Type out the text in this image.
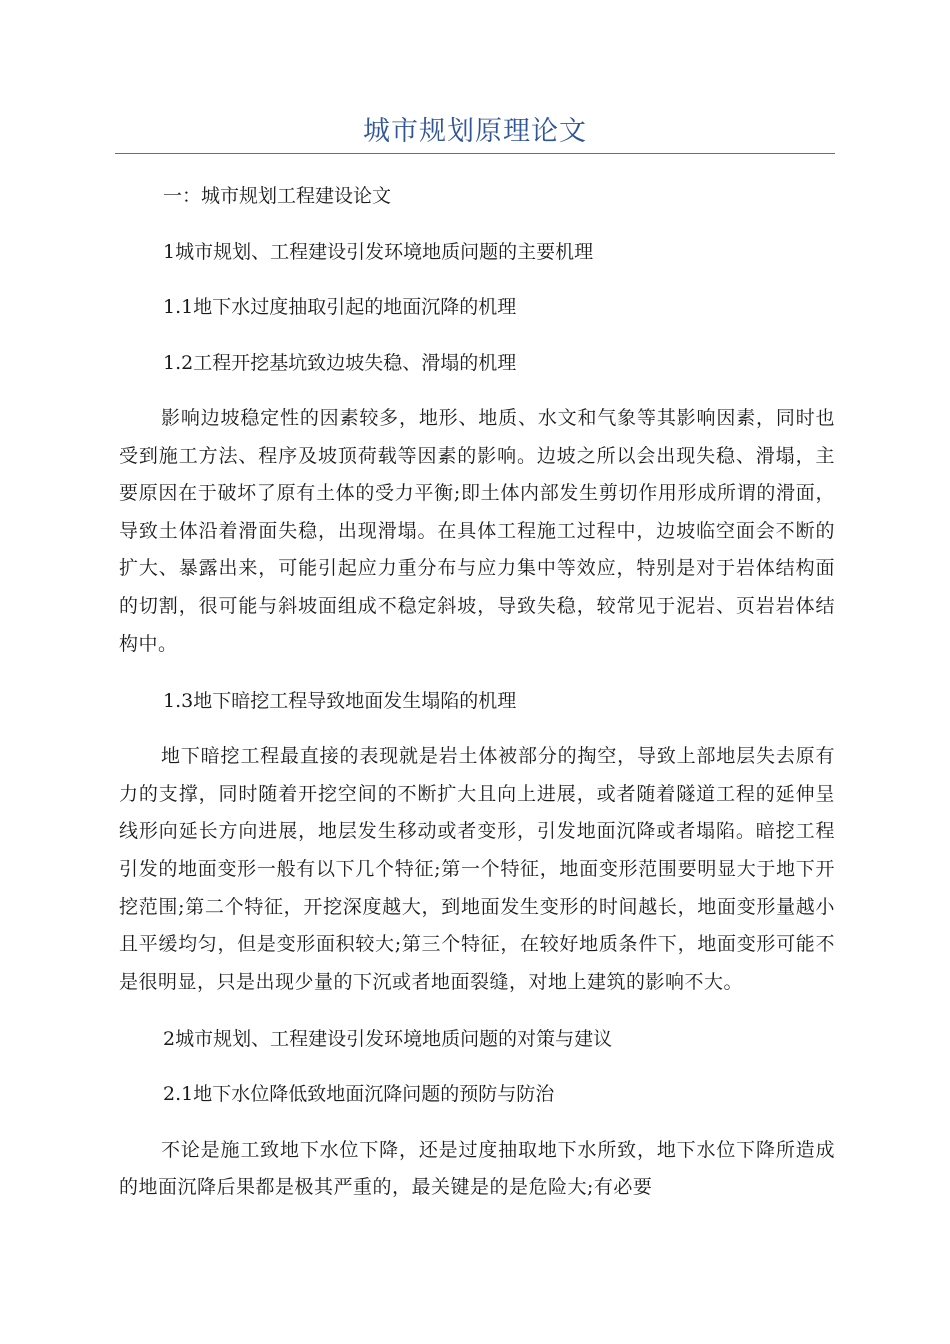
城市规划原理论文

一：城市规划工程建设论文

1城市规划、工程建设引发环境地质问题的主要机理

1.1地下水过度抽取引起的地面沉降的机理

1.2工程开挖基坑致边坡失稳、滑塌的机理

影响边坡稳定性的因素较多，地形、地质、水文和气象等其影响因素，同时也受到施工方法、程序及坡顶荷载等因素的影响。边坡之所以会出现失稳、滑塌，主要原因在于破坏了原有土体的受力平衡;即土体内部发生剪切作用形成所谓的滑面，导致土体沿着滑面失稳，出现滑塌。在具体工程施工过程中，边坡临空面会不断的扩大、暴露出来，可能引起应力重分布与应力集中等效应，特别是对于岩体结构面的切割，很可能与斜坡面组成不稳定斜坡，导致失稳，较常见于泥岩、页岩岩体结构中。

1.3地下暗挖工程导致地面发生塌陷的机理

地下暗挖工程最直接的表现就是岩土体被部分的掏空，导致上部地层失去原有力的支撑，同时随着开挖空间的不断扩大且向上进展，或者随着隧道工程的延伸呈线形向延长方向进展，地层发生移动或者变形，引发地面沉降或者塌陷。暗挖工程引发的地面变形一般有以下几个特征;第一个特征，地面变形范围要明显大于地下开挖范围;第二个特征，开挖深度越大，到地面发生变形的时间越长，地面变形量越小且平缓均匀，但是变形面积较大;第三个特征，在较好地质条件下，地面变形可能不是很明显，只是出现少量的下沉或者地面裂缝，对地上建筑的影响不大。

2城市规划、工程建设引发环境地质问题的对策与建议

2.1地下水位降低致地面沉降问题的预防与防治

不论是施工致地下水位下降，还是过度抽取地下水所致，地下水位下降所造成的地面沉降后果都是极其严重的，最关键是的是危险大;有必要
